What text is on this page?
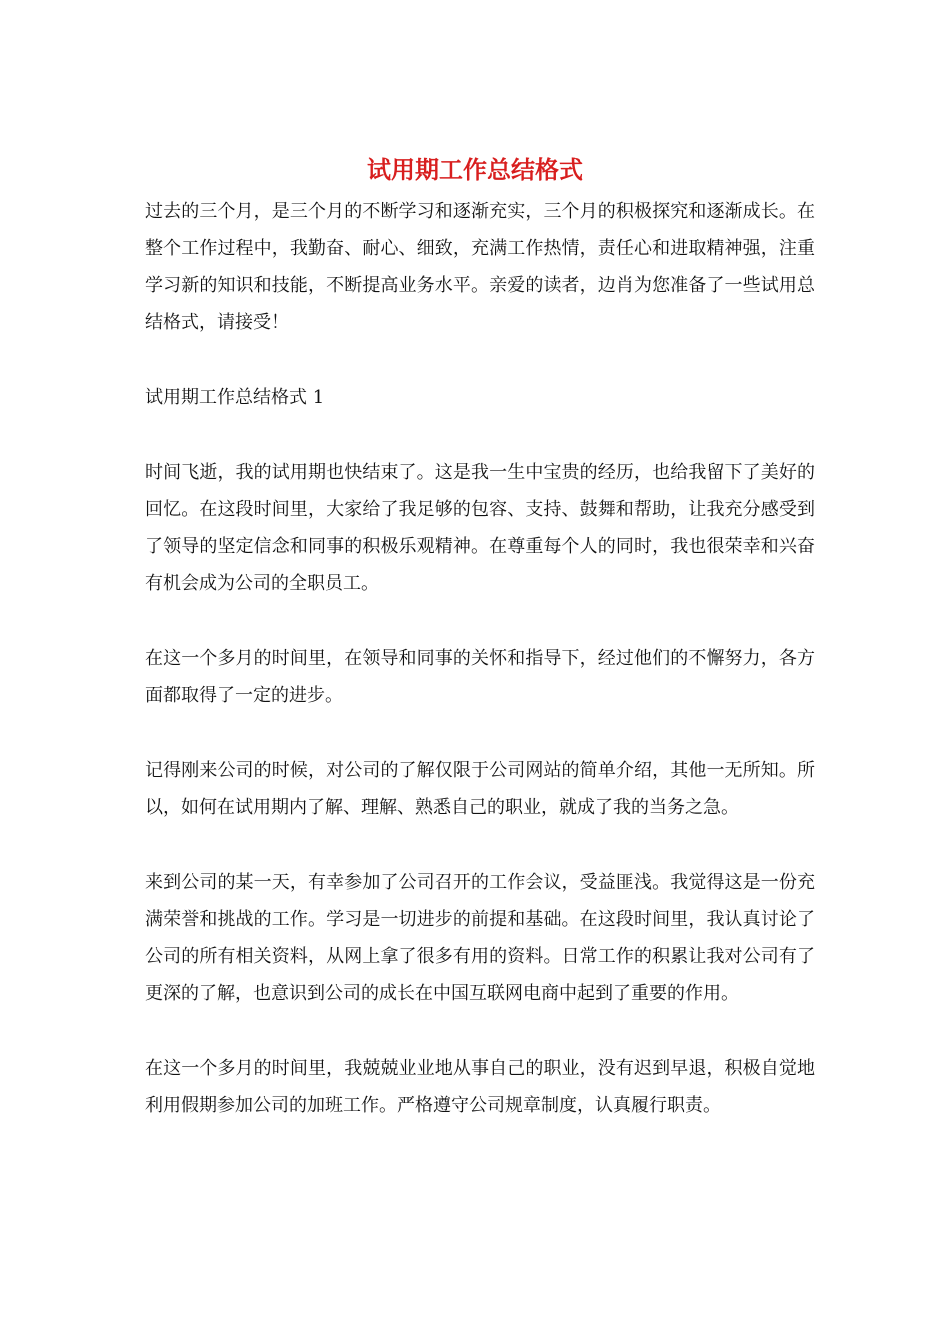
试用期工作总结格式

过去的三个月，是三个月的不断学习和逐渐充实，三个月的积极探究和逐渐成长。在整个工作过程中，我勤奋、耐心、细致，充满工作热情，责任心和进取精神强，注重学习新的知识和技能，不断提高业务水平。亲爱的读者，边肖为您准备了一些试用总结格式，请接受！

试用期工作总结格式 1

时间飞逝，我的试用期也快结束了。这是我一生中宝贵的经历，也给我留下了美好的回忆。在这段时间里，大家给了我足够的包容、支持、鼓舞和帮助，让我充分感受到了领导的坚定信念和同事的积极乐观精神。在尊重每个人的同时，我也很荣幸和兴奋有机会成为公司的全职员工。

在这一个多月的时间里，在领导和同事的关怀和指导下，经过他们的不懈努力，各方面都取得了一定的进步。

记得刚来公司的时候，对公司的了解仅限于公司网站的简单介绍，其他一无所知。所以，如何在试用期内了解、理解、熟悉自己的职业，就成了我的当务之急。

来到公司的某一天，有幸参加了公司召开的工作会议，受益匪浅。我觉得这是一份充满荣誉和挑战的工作。学习是一切进步的前提和基础。在这段时间里，我认真讨论了公司的所有相关资料，从网上拿了很多有用的资料。日常工作的积累让我对公司有了更深的了解，也意识到公司的成长在中国互联网电商中起到了重要的作用。

在这一个多月的时间里，我兢兢业业地从事自己的职业，没有迟到早退，积极自觉地利用假期参加公司的加班工作。严格遵守公司规章制度，认真履行职责。
